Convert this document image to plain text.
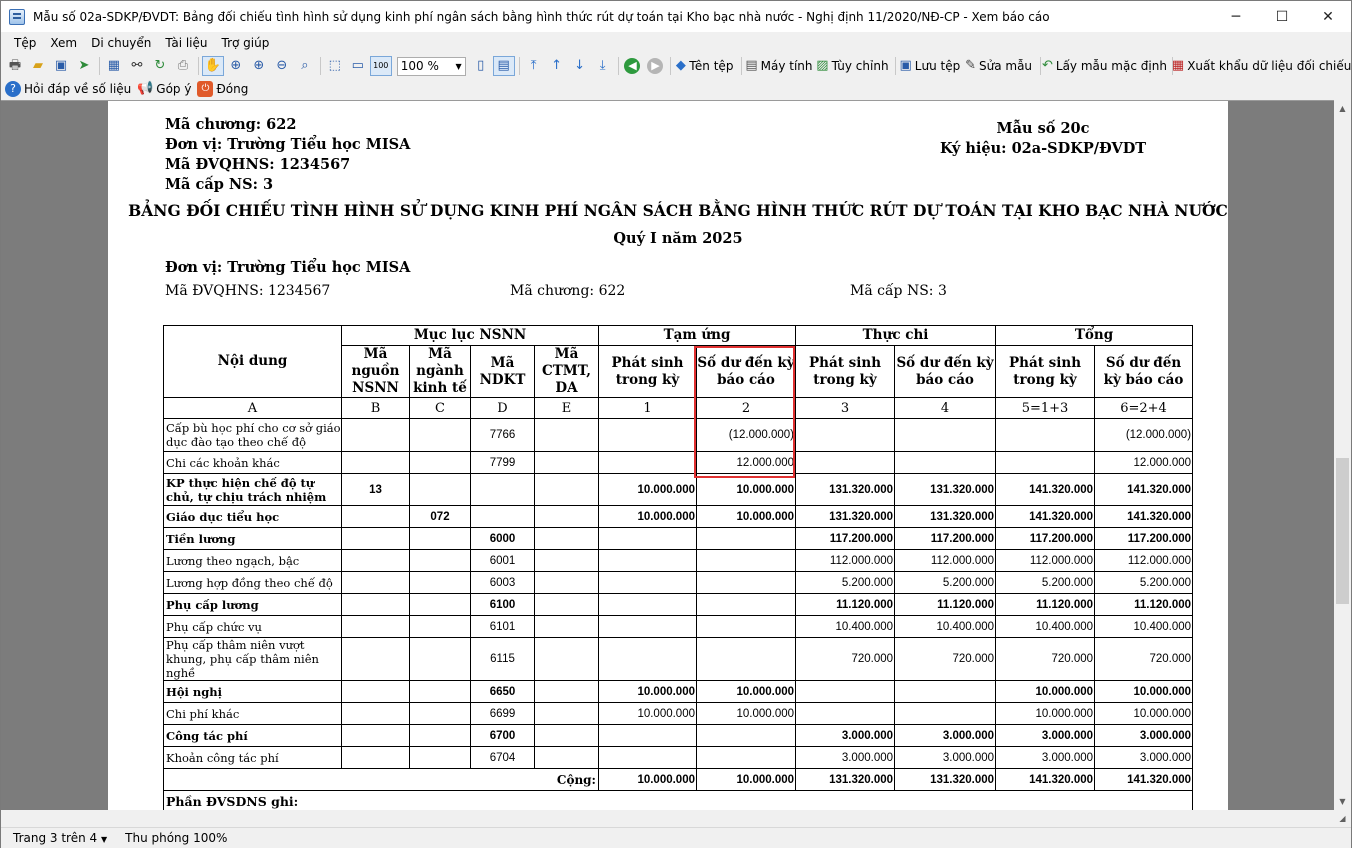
Mẫu số 02a-SDKP/ĐVDT: Bảng đối chiếu tình hình sử dụng kinh phí ngân sách bằng hình thức rút dự toán tại Kho bạc nhà nước - Nghị định 11/2020/NĐ-CP - Xem báo cáo	─	☐	✕
Tệp	Xem	Di chuyển	Tài liệu	Trợ giúp
🖶 ▰ ▣ ➤ ▦ ⚯ ↻ ⎙ ✋ ⊕ ⊕ ⊖	⌕	⬚ ▭ 100 100 % ▼	▯	▤	⤒	↑ ↓	⤓	◀	▶ ◆ Tên tệp ▤ Máy tính ▨ Tùy chỉnh ▣ Lưu tệp ✎ Sửa mẫu ↶ Lấy mẫu mặc định ▦ Xuất khẩu dữ liệu đối chiếu
? Hỏi đáp về số liệu 📢 Góp ý	⏻ Đóng
Mã chương: 622
Đơn vị: Trường Tiểu học MISA
Mã ĐVQHNS: 1234567
Mã cấp NS: 3
Mẫu số 20c
Ký hiệu: 02a-SDKP/ĐVDT
BẢNG ĐỐI CHIẾU TÌNH HÌNH SỬ DỤNG KINH PHÍ NGÂN SÁCH BẰNG HÌNH THỨC RÚT DỰ TOÁN TẠI KHO BẠC NHÀ NƯỚC
Quý I năm 2025
Đơn vị: Trường Tiểu học MISA
Mã ĐVQHNS: 1234567	Mã chương: 622	Mã cấp NS: 3
Nội dung	Mục lục NSNN				Tạm ứng		Thực chi		Tổng	
	Mã nguồn NSNN	Mã ngành kinh tế	Mã NDKT	Mã CTMT, DA	Phát sinh trong kỳ	Số dư đến kỳ báo cáo	Phát sinh trong kỳ	Số dư đến kỳ báo cáo	Phát sinh trong kỳ	Số dư đến kỳ báo cáo
A	B	C	D	E	1	2	3	4	5=1+3	6=2+4
Cấp bù học phí cho cơ sở giáo dục đào tạo theo chế độ			7766			(12.000.000)				(12.000.000)
Chi các khoản khác			7799			12.000.000				12.000.000
KP thực hiện chế độ tự chủ, tự chịu trách nhiệm	13				10.000.000	10.000.000	131.320.000	131.320.000	141.320.000	141.320.000
Giáo dục tiểu học		072			10.000.000	10.000.000	131.320.000	131.320.000	141.320.000	141.320.000
Tiền lương			6000				117.200.000	117.200.000	117.200.000	117.200.000
Lương theo ngạch, bậc			6001				112.000.000	112.000.000	112.000.000	112.000.000
Lương hợp đồng theo chế độ			6003				5.200.000	5.200.000	5.200.000	5.200.000
Phụ cấp lương			6100				11.120.000	11.120.000	11.120.000	11.120.000
Phụ cấp chức vụ			6101				10.400.000	10.400.000	10.400.000	10.400.000
Phụ cấp thâm niên vượt khung, phụ cấp thâm niên nghề			6115				720.000	720.000	720.000	720.000
Hội nghị			6650		10.000.000	10.000.000			10.000.000	10.000.000
Chi phí khác			6699		10.000.000	10.000.000			10.000.000	10.000.000
Công tác phí			6700				3.000.000	3.000.000	3.000.000	3.000.000
Khoản công tác phí			6704				3.000.000	3.000.000	3.000.000	3.000.000
Cộng:					10.000.000	10.000.000	131.320.000	131.320.000	141.320.000	141.320.000
Phần ĐVSDNS ghi:										
▲
▼
◢
Trang 3 trên 4 ▼ Thu phóng 100%
